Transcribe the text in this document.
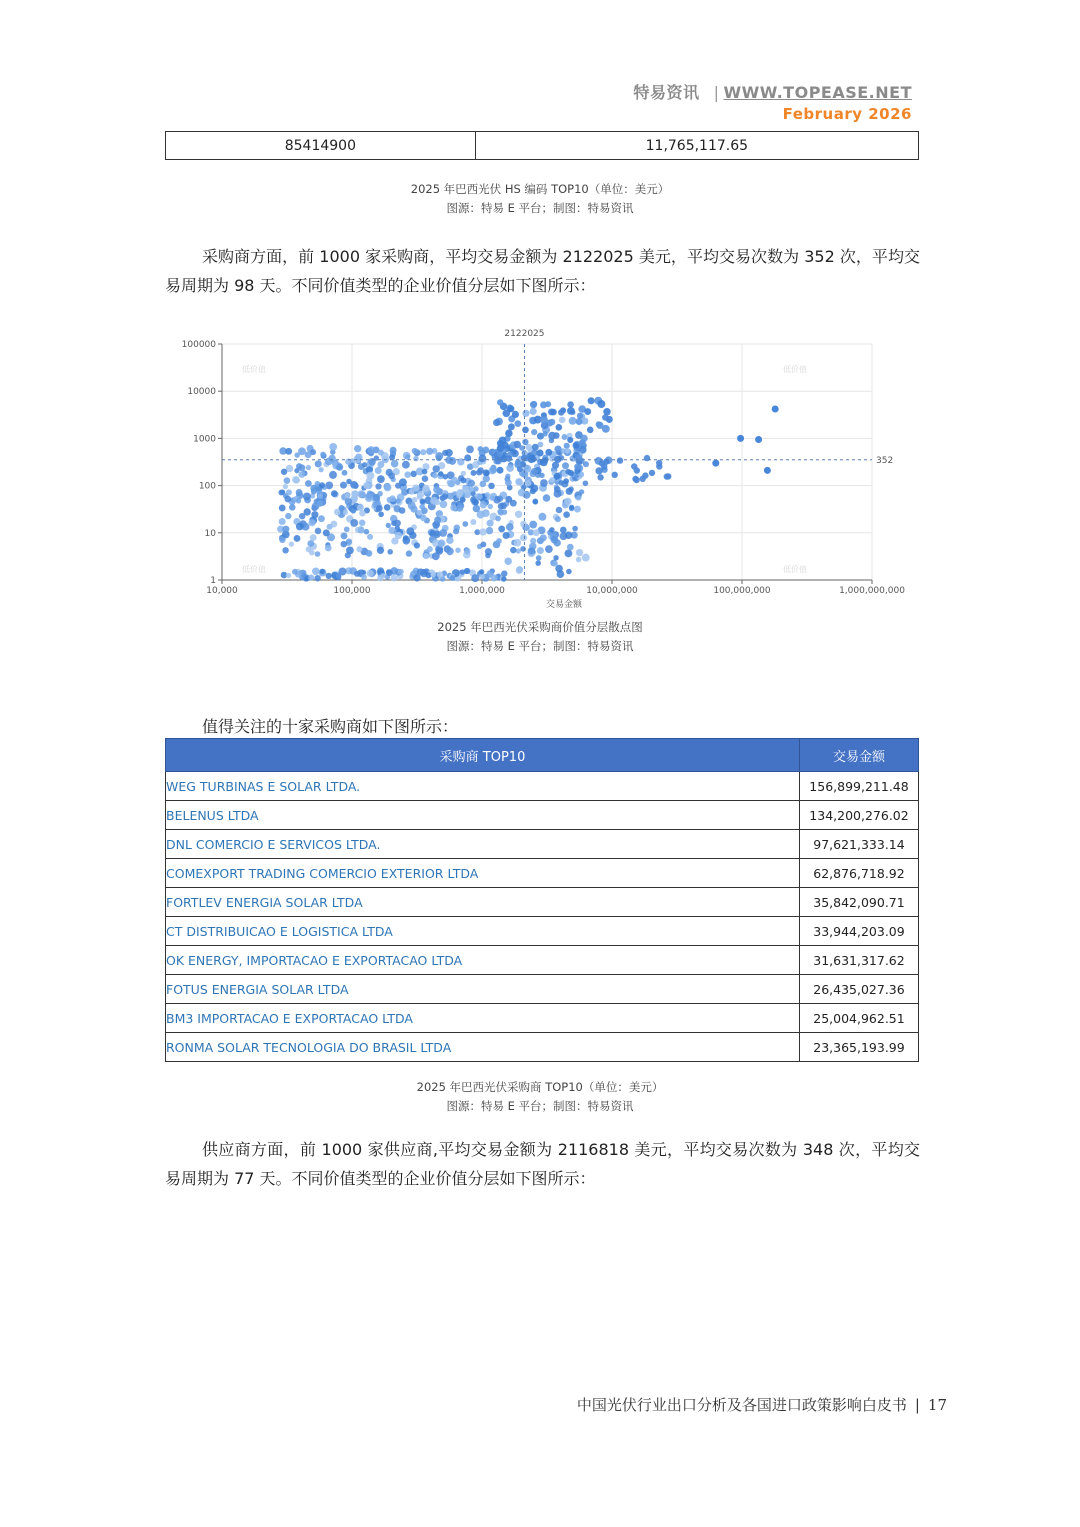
特易资讯 | WWW.TOPEASE.NET
February 2026
85414900	11,765,117.65
2025 年巴西光伏 HS 编码 TOP10（单位：美元）
图源：特易 E 平台；制图：特易资讯
采购商方面，前 1000 家采购商，平均交易金额为 2122025 美元，平均交易次数为 352 次，平均交易周期为 98 天。不同价值类型的企业价值分层如下图所示：
10,000	100,000	1,000,000	10,000,000	100,000,000	1,000,000,000
1
10
100
1000
10000
100000
交易金额
低价值	低价值
低价值	低价值
2122025
352
2025 年巴西光伏采购商价值分层散点图
图源：特易 E 平台；制图：特易资讯
值得关注的十家采购商如下图所示：
采购商 TOP10	交易金额
WEG TURBINAS E SOLAR LTDA.	156,899,211.48
BELENUS LTDA	134,200,276.02
DNL COMERCIO E SERVICOS LTDA.	97,621,333.14
COMEXPORT TRADING COMERCIO EXTERIOR LTDA	62,876,718.92
FORTLEV ENERGIA SOLAR LTDA	35,842,090.71
CT DISTRIBUICAO E LOGISTICA LTDA	33,944,203.09
OK ENERGY, IMPORTACAO E EXPORTACAO LTDA	31,631,317.62
FOTUS ENERGIA SOLAR LTDA	26,435,027.36
BM3 IMPORTACAO E EXPORTACAO LTDA	25,004,962.51
RONMA SOLAR TECNOLOGIA DO BRASIL LTDA	23,365,193.99
2025 年巴西光伏采购商 TOP10（单位：美元）
图源：特易 E 平台；制图：特易资讯
供应商方面，前 1000 家供应商,平均交易金额为 2116818 美元，平均交易次数为 348 次，平均交易周期为 77 天。不同价值类型的企业价值分层如下图所示：
中国光伏行业出口分析及各国进口政策影响白皮书 | 17
